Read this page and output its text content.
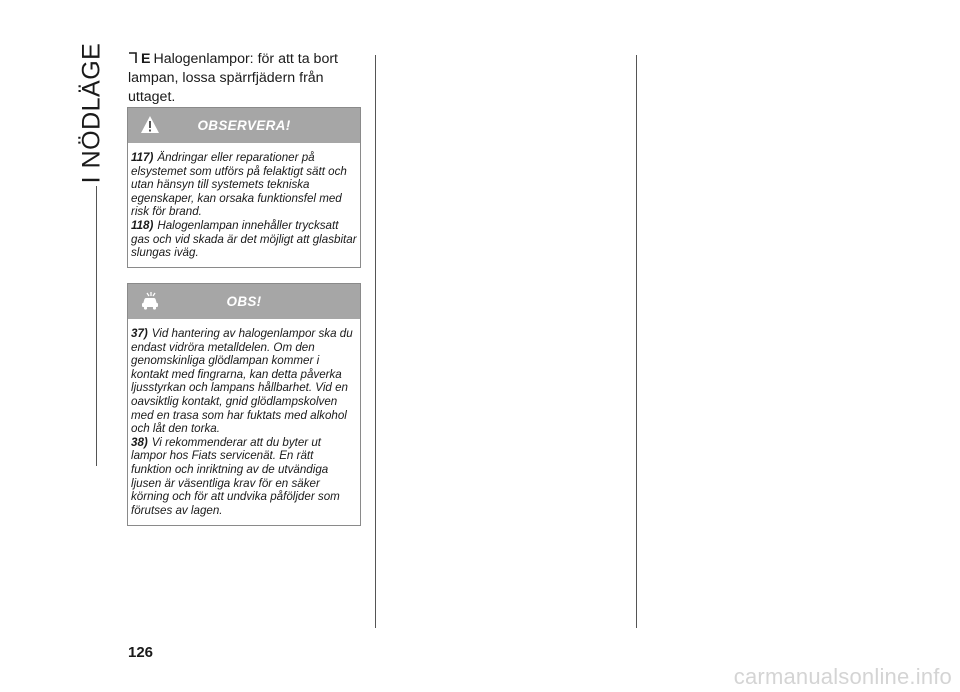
I NÖDLÄGE	E Halogenlampor: för att ta bort lampan, lossa spärrfjädern från uttaget.
OBSERVERA!

117) Ändringar eller reparationer på elsystemet som utförs på felaktigt sätt och utan hänsyn till systemets tekniska egenskaper, kan orsaka funktionsfel med risk för brand.

118) Halogenlampan innehåller trycksatt gas och vid skada är det möjligt att glasbitar slungas iväg.

OBS!

37) Vid hantering av halogenlampor ska du endast vidröra metalldelen. Om den genomskinliga glödlampan kommer i kontakt med fingrarna, kan detta påverka ljusstyrkan och lampans hållbarhet. Vid en oavsiktlig kontakt, gnid glödlampskolven med en trasa som har fuktats med alkohol och låt den torka.

38) Vi rekommenderar att du byter ut lampor hos Fiats servicenät. En rätt funktion och inriktning av de utvändiga ljusen är väsentliga krav för en säker körning och för att undvika påföljder som förutses av lagen.

126
carmanualsonline.info
